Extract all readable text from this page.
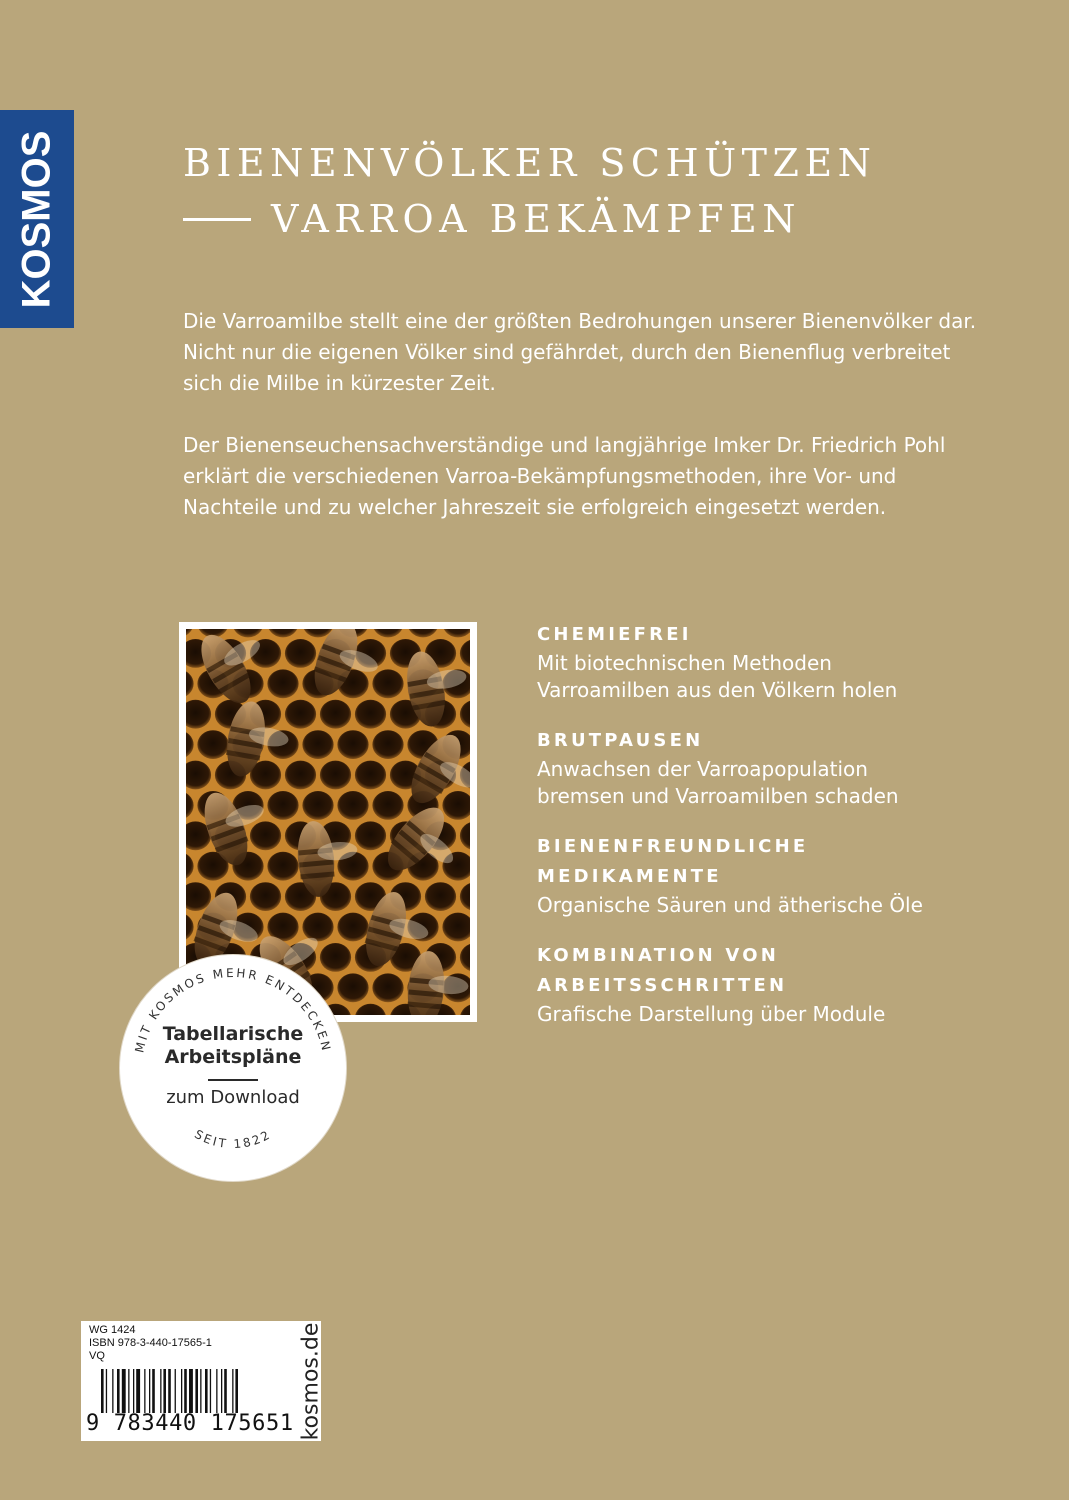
KOSMOS	BIENENVÖLKER SCHÜTZEN
VARROA BEKÄMPFEN

Die Varroamilbe stellt eine der größten Bedrohungen unserer Bienenvölker dar. Nicht nur die eigenen Völker sind gefährdet, durch den Bienenflug verbreitet sich die Milbe in kürzester Zeit.

Der Bienenseuchensachverständige und langjährige Imker Dr. Friedrich Pohl erklärt die verschiedenen Varroa-Bekämpfungsmethoden, ihre Vor- und Nachteile und zu welcher Jahreszeit sie erfolgreich eingesetzt werden.

CHEMIEFREI
Mit biotechnischen Methoden
Varroamilben aus den Völkern holen
BRUTPAUSEN
Anwachsen der Varroapopulation
bremsen und Varroamilben schaden
BIENENFREUNDLICHE
MEDIKAMENTE
Organische Säuren und ätherische Öle
KOMBINATION VON
ARBEITSSCHRITTEN
Grafische Darstellung über Module
MIT KOSMOS MEHR ENTDECKEN
SEIT 1822
Tabellarische
Arbeitspläne
zum Download
WG 1424
ISBN 978-3-440-17565-1
VQ
9 783440 175651 kosmos.de
